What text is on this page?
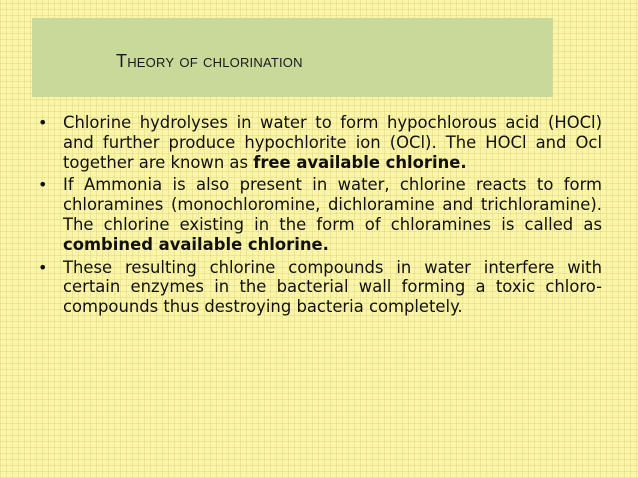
Theory of chlorination
• Chlorine hydrolyses in water to form hypochlorous acid (HOCl) and further produce hypochlorite ion (OCl). The HOCl and Ocl together are known as free available chlorine.
• If Ammonia is also present in water, chlorine reacts to form chloramines (monochloromine, dichloramine and trichloramine). The chlorine existing in the form of chloramines is called as combined available chlorine.
• These resulting chlorine compounds in water interfere with certain enzymes in the bacterial wall forming a toxic chloro-compounds thus destroying bacteria completely.
